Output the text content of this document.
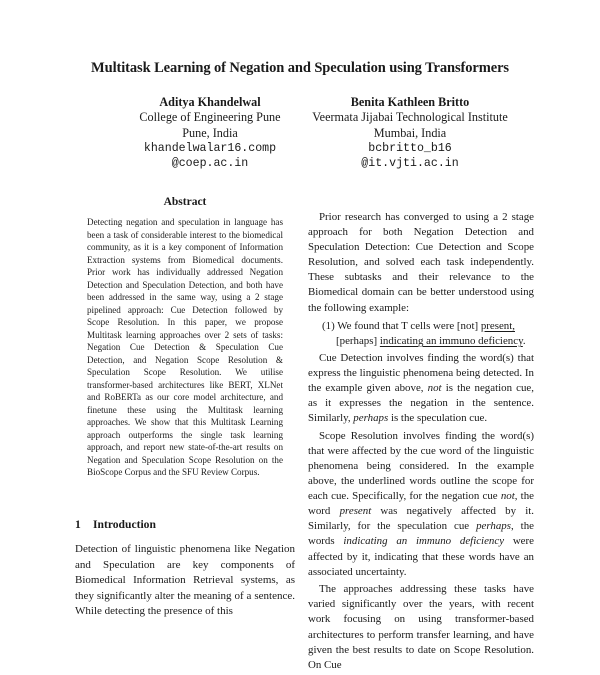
Multitask Learning of Negation and Speculation using Transformers
Aditya Khandelwal
College of Engineering Pune
Pune, India
khandelwalar16.comp
@coep.ac.in
Benita Kathleen Britto
Veermata Jijabai Technological Institute
Mumbai, India
bcbritto_b16
@it.vjti.ac.in
Abstract
Detecting negation and speculation in language has been a task of considerable interest to the biomedical community, as it is a key component of Information Extraction systems from Biomedical documents. Prior work has individually addressed Negation Detection and Speculation Detection, and both have been addressed in the same way, using a 2 stage pipelined approach: Cue Detection followed by Scope Resolution. In this paper, we propose Multitask learning approaches over 2 sets of tasks: Negation Cue Detection & Speculation Cue Detection, and Negation Scope Resolution & Speculation Scope Resolution. We utilise transformer-based architectures like BERT, XLNet and RoBERTa as our core model architecture, and finetune these using the Multitask learning approaches. We show that this Multitask Learning approach outperforms the single task learning approach, and report new state-of-the-art results on Negation and Speculation Scope Resolution on the BioScope Corpus and the SFU Review Corpus.
1 Introduction
Detection of linguistic phenomena like Negation and Speculation are key components of Biomedical Information Retrieval systems, as they significantly alter the meaning of a sentence. While detecting the presence of this

Prior research has converged to using a 2 stage approach for both Negation Detection and Speculation Detection: Cue Detection and Scope Resolution, and solved each task independently. These subtasks and their relevance to the Biomedical domain can be better understood using the following example:

(1) We found that T cells were [not] present,
[perhaps] indicating an immuno deficiency.

Cue Detection involves finding the word(s) that express the linguistic phenomena being detected. In the example given above, not is the negation cue, as it expresses the negation in the sentence. Similarly, perhaps is the speculation cue.

Scope Resolution involves finding the word(s) that were affected by the cue word of the linguistic phenomena being considered. In the example above, the underlined words outline the scope for each cue. Specifically, for the negation cue not, the word present was negatively affected by it. Similarly, for the speculation cue perhaps, the words indicating an immuno deficiency were affected by it, indicating that these words have an associated uncertainty.

The approaches addressing these tasks have varied significantly over the years, with recent work focusing on using transformer-based architectures to perform transfer learning, and have given the best results to date on Scope Resolution. On Cue
